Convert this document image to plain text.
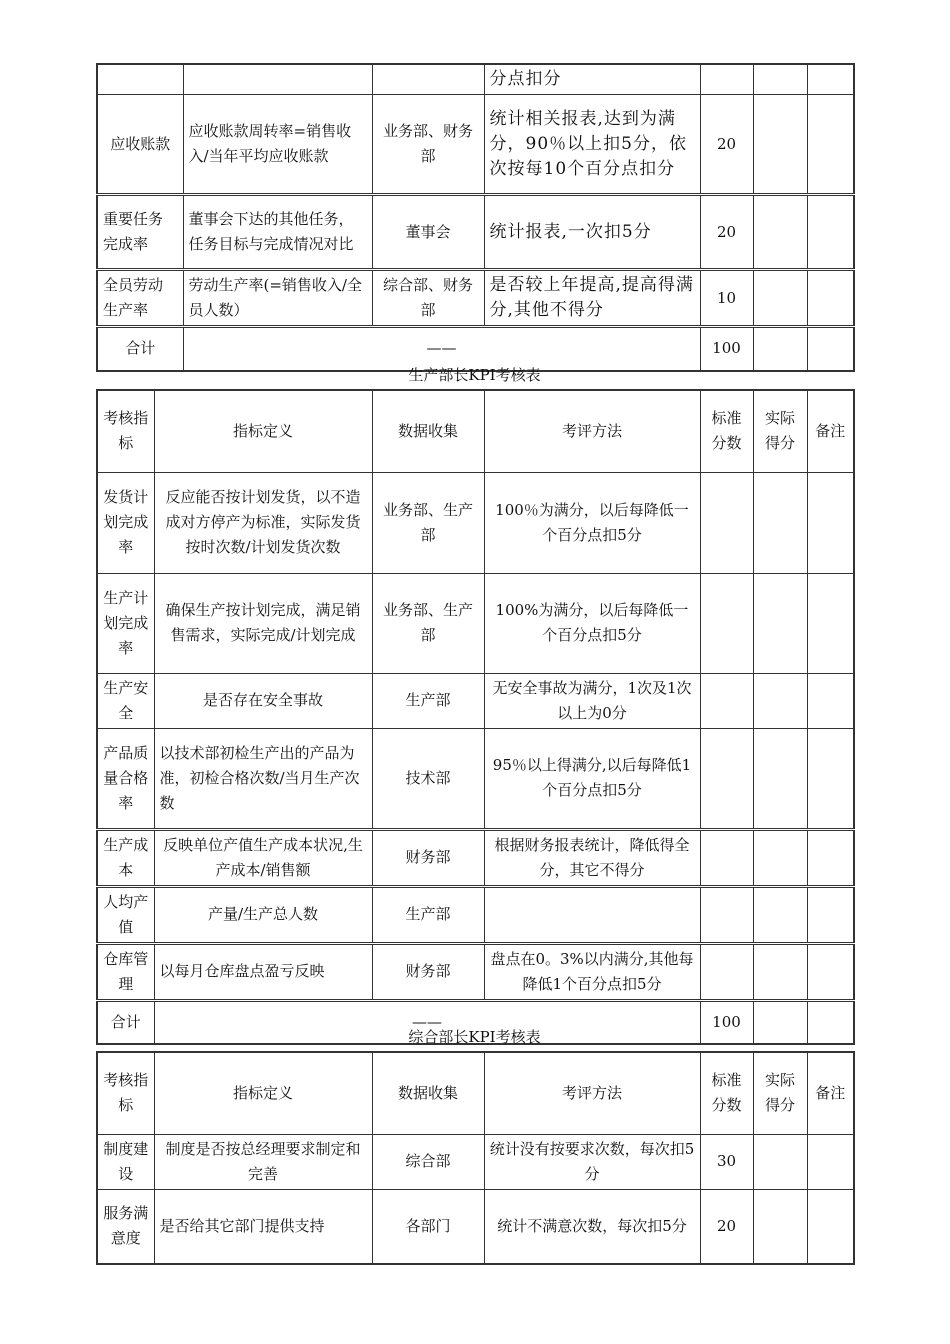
			分点扣分			
应收账款	应收账款周转率=销售收入/当年平均应收账款	业务部、财务部	统计相关报表,达到为满分，90％以上扣5分，依次按每10个百分点扣分	20		
重要任务完成率	董事会下达的其他任务，任务目标与完成情况对比	董事会	统计报表,一次扣5分	20		
全员劳动生产率	劳动生产率(=销售收入/全员人数）	综合部、财务部	是否较上年提高,提高得满分,其他不得分	10		
合计	——			100		
生产部长KPI考核表
考核指标	指标定义	数据收集	考评方法	标准分数	实际得分	备注
发货计划完成率	反应能否按计划发货，以不造成对方停产为标准，实际发货按时次数/计划发货次数	业务部、生产部	100％为满分，以后每降低一个百分点扣5分			
生产计划完成率	确保生产按计划完成，满足销售需求，实际完成/计划完成	业务部、生产部	100%为满分，以后每降低一个百分点扣5分			
生产安全	是否存在安全事故	生产部	无安全事故为满分，1次及1次以上为0分			
产品质量合格率	以技术部初检生产出的产品为准，初检合格次数/当月生产次数	技术部	95％以上得满分,以后每降低1个百分点扣5分			
生产成本	反映单位产值生产成本状况,生产成本/销售额	财务部	根据财务报表统计，降低得全分，其它不得分			
人均产值	产量/生产总人数	生产部				
仓库管理	以每月仓库盘点盈亏反映	财务部	盘点在0。3%以内满分,其他每降低1个百分点扣5分			
合计	——			100		
综合部长KPI考核表
考核指标	指标定义	数据收集	考评方法	标准分数	实际得分	备注
制度建设	制度是否按总经理要求制定和完善	综合部	统计没有按要求次数，每次扣5分	30		
服务满意度	是否给其它部门提供支持	各部门	统计不满意次数，每次扣5分	20		
